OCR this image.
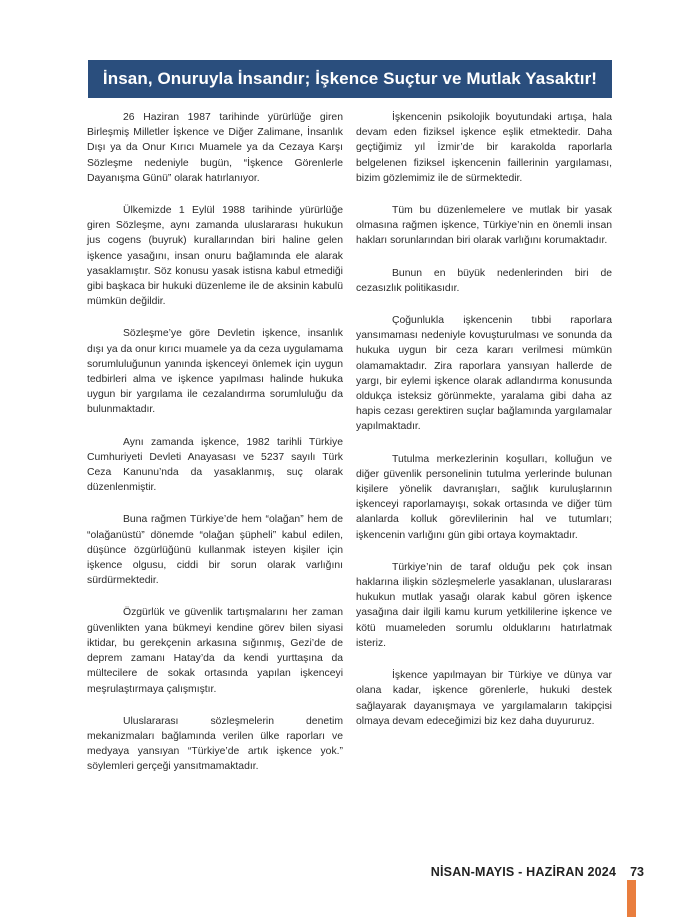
İnsan, Onuruyla İnsandır; İşkence Suçtur ve Mutlak Yasaktır!

26 Haziran 1987 tarihinde yürürlüğe giren Birleşmiş Milletler İşkence ve Diğer Zalimane, İnsanlık Dışı ya da Onur Kırıcı Muamele ya da Cezaya Karşı Sözleşme nedeniyle bugün, “İşkence Görenlerle Dayanışma Günü” olarak hatırlanıyor.

Ülkemizde 1 Eylül 1988 tarihinde yürürlüğe giren Sözleşme, aynı zamanda uluslararası hukukun jus cogens (buyruk) kurallarından biri haline gelen işkence yasağını, insan onuru bağlamında ele alarak yasaklamıştır. Söz konusu yasak istisna kabul etmediği gibi başkaca bir hukuki düzenleme ile de aksinin kabulü mümkün değildir.

Sözleşme’ye göre Devletin işkence, insanlık dışı ya da onur kırıcı muamele ya da ceza uygulamama sorumluluğunun yanında işkenceyi önlemek için uygun tedbirleri alma ve işkence yapılması halinde hukuka uygun bir yargılama ile cezalandırma sorumluluğu da bulunmaktadır.

Aynı zamanda işkence, 1982 tarihli Türkiye Cumhuriyeti Devleti Anayasası ve 5237 sayılı Türk Ceza Kanunu’nda da yasaklanmış, suç olarak düzenlenmiştir.

Buna rağmen Türkiye’de hem “olağan” hem de “olağanüstü” dönemde “olağan şüpheli” kabul edilen, düşünce özgürlüğünü kullanmak isteyen kişiler için işkence olgusu, ciddi bir sorun olarak varlığını sürdürmektedir.

Özgürlük ve güvenlik tartışmalarını her zaman güvenlikten yana bükmeyi kendine görev bilen siyasi iktidar, bu gerekçenin arkasına sığınmış, Gezi’de de deprem zamanı Hatay’da da kendi yurttaşına da mültecilere de sokak ortasında yapılan işkenceyi meşrulaştırmaya çalışmıştır.

Uluslararası sözleşmelerin denetim mekanizmaları bağlamında verilen ülke raporları ve medyaya yansıyan “Türkiye’de artık işkence yok.” söylemleri gerçeği yansıtmamaktadır.

İşkencenin psikolojik boyutundaki artışa, hala devam eden fiziksel işkence eşlik etmektedir. Daha geçtiğimiz yıl İzmir’de bir karakolda raporlarla belgelenen fiziksel işkencenin faillerinin yargılaması, bizim gözlemimiz ile de sürmektedir.

Tüm bu düzenlemelere ve mutlak bir yasak olmasına rağmen işkence, Türkiye’nin en önemli insan hakları sorunlarından biri olarak varlığını korumaktadır.

Bunun en büyük nedenlerinden biri de cezasızlık politikasıdır.

Çoğunlukla işkencenin tıbbi raporlara yansımaması nedeniyle kovuşturulması ve sonunda da hukuka uygun bir ceza kararı verilmesi mümkün olamamaktadır. Zira raporlara yansıyan hallerde de yargı, bir eylemi işkence olarak adlandırma konusunda oldukça isteksiz görünmekte, yaralama gibi daha az hapis cezası gerektiren suçlar bağlamında yargılamalar yapılmaktadır.

Tutulma merkezlerinin koşulları, kolluğun ve diğer güvenlik personelinin tutulma yerlerinde bulunan kişilere yönelik davranışları, sağlık kuruluşlarının işkenceyi raporlamayışı, sokak ortasında ve diğer tüm alanlarda kolluk görevlilerinin hal ve tutumları; işkencenin varlığını gün gibi ortaya koymaktadır.

Türkiye’nin de taraf olduğu pek çok insan haklarına ilişkin sözleşmelerle yasaklanan, uluslararası hukukun mutlak yasağı olarak kabul gören işkence yasağına dair ilgili kamu kurum yetkililerine işkence ve kötü muameleden sorumlu olduklarını hatırlatmak isteriz.

İşkence yapılmayan bir Türkiye ve dünya var olana kadar, işkence görenlerle, hukuki destek sağlayarak dayanışmaya ve yargılamaların takipçisi olmaya devam edeceğimizi biz kez daha duyururuz.

NİSAN-MAYIS - HAZİRAN 2024 73
